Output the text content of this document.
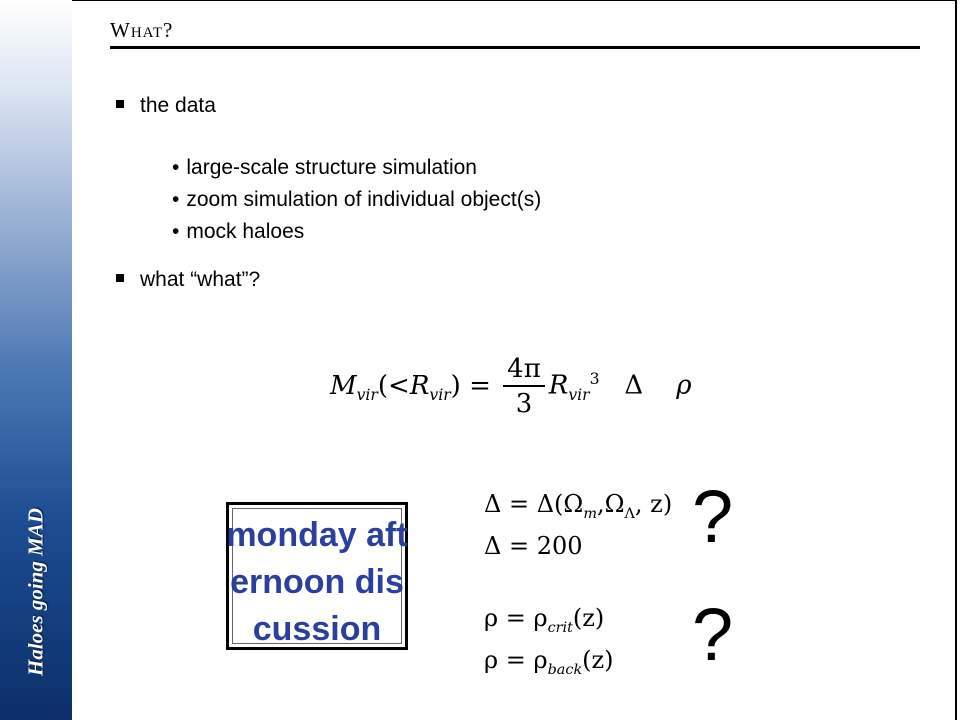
Haloes going MAD
What?
the data
• large-scale structure simulation
• zoom simulation of individual object(s)
• mock haloes
what “what”?
$M_{vir}(<R_{vir}) = \frac{4\pi}{3} R_{vir}^3$ Δ ρ
monday afternoon discussion
$\Delta = \Delta(\Omega_m,\Omega_\Lambda$, z)
Δ = 200
$\rho = \rho_{crit}(z)$
$\rho = \rho_{back}(z)$
?
?
